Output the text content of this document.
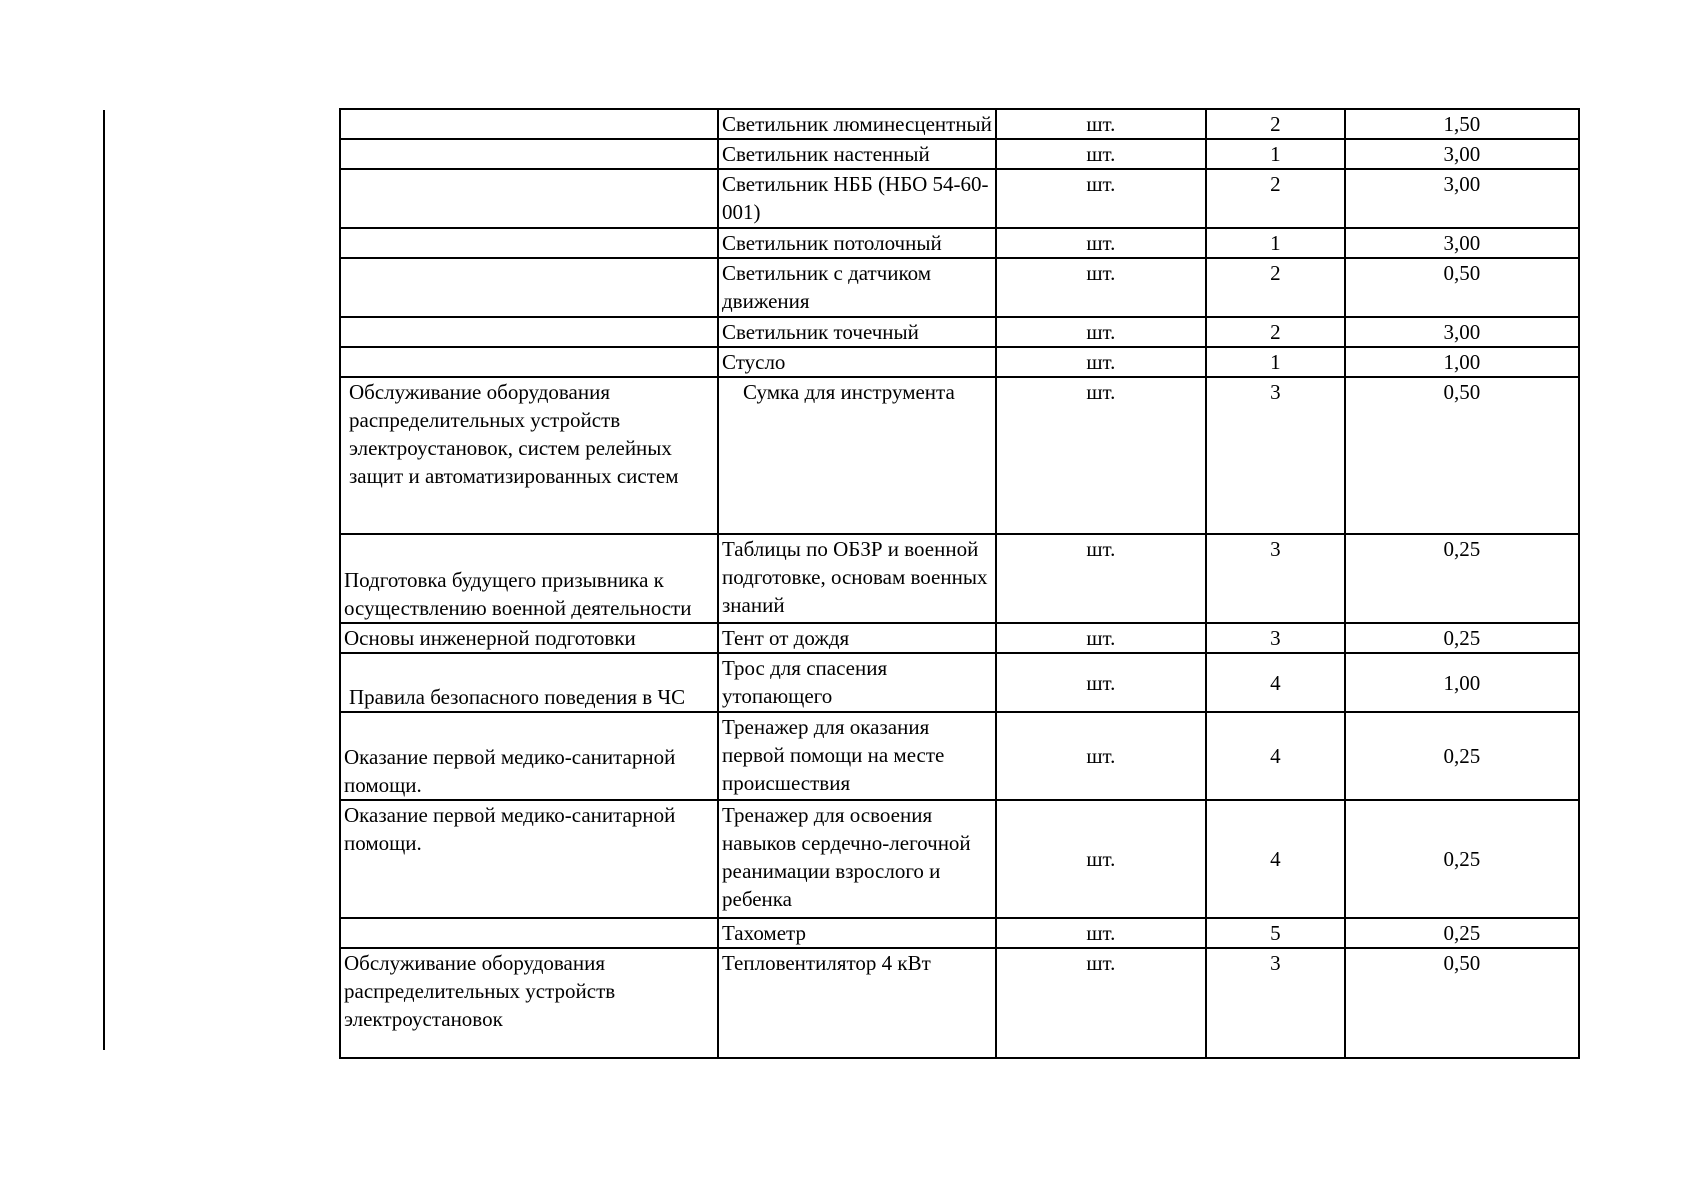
	Светильник люминесцентный	шт.	2	1,50
	Светильник настенный	шт.	1	3,00
	Светильник НББ (НБО 54-60-001)	шт.	2	3,00
	Светильник потолочный	шт.	1	3,00
	Светильник с датчиком движения	шт.	2	0,50
	Светильник точечный	шт.	2	3,00
	Стусло	шт.	1	1,00
Обслуживание оборудования распределительных устройств электроустановок, систем релейных защит и автоматизированных систем	Сумка для инструмента	шт.	3	0,50
Подготовка будущего призывника к осуществлению военной деятельности	Таблицы по ОБЗР и военной подготовке, основам военных знаний	шт.	3	0,25
Основы инженерной подготовки	Тент от дождя	шт.	3	0,25
Правила безопасного поведения в ЧС	Трос для спасения утопающего	шт.	4	1,00
Оказание первой медико-санитарной помощи.	Тренажер для оказания первой помощи на месте происшествия	шт.	4	0,25
Оказание первой медико-санитарной помощи.	Тренажер для освоения навыков сердечно-легочной реанимации взрослого и ребенка	шт.	4	0,25
	Тахометр	шт.	5	0,25
Обслуживание оборудования распределительных устройств электроустановок	Тепловентилятор 4 кВт	шт.	3	0,50
